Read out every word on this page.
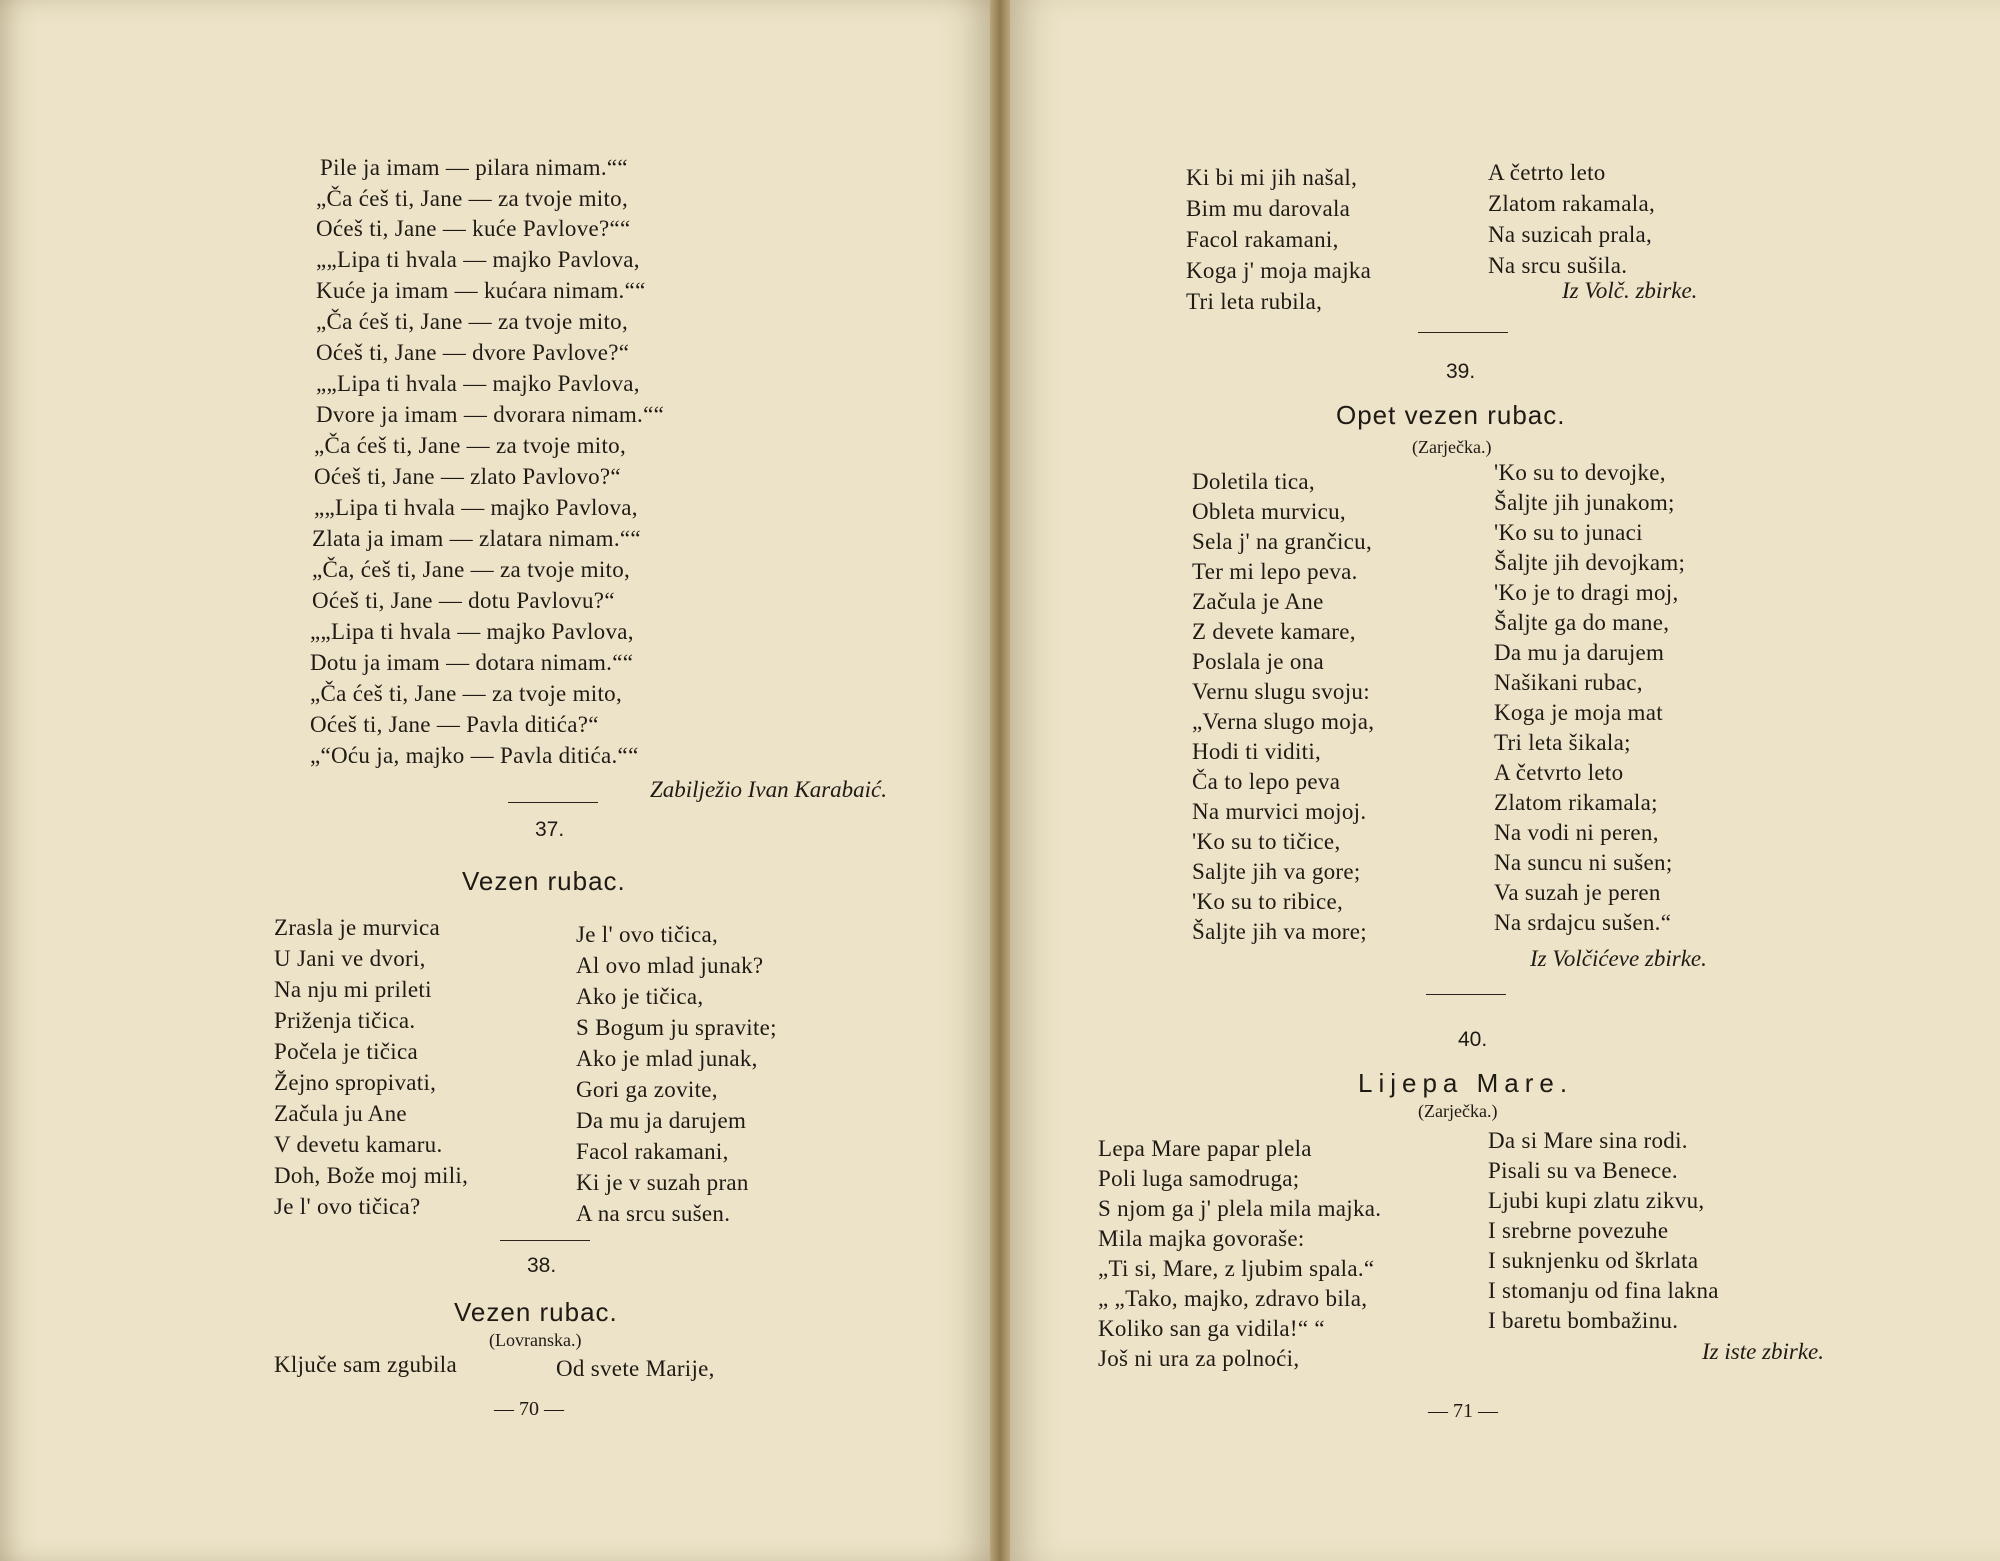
Pile ja imam — pilara nimam.““
„Ča ćeš ti, Jane — za tvoje mito,
Oćeš ti, Jane — kuće Pavlove?““
„„Lipa ti hvala — majko Pavlova,
Kuće ja imam — kućara nimam.““
„Ča ćeš ti, Jane — za tvoje mito,
Oćeš ti, Jane — dvore Pavlove?“
„„Lipa ti hvala — majko Pavlova,
Dvore ja imam — dvorara nimam.““
„Ča ćeš ti, Jane — za tvoje mito,
Oćeš ti, Jane — zlato Pavlovo?“
„„Lipa ti hvala — majko Pavlova,
Zlata ja imam — zlatara nimam.““
„Ča, ćeš ti, Jane — za tvoje mito,
Oćeš ti, Jane — dotu Pavlovu?“
„„Lipa ti hvala — majko Pavlova,
Dotu ja imam — dotara nimam.““
„Ča ćeš ti, Jane — za tvoje mito,
Oćeš ti, Jane — Pavla ditića?“
„“Oću ja, majko — Pavla ditića.““
Zabilježio Ivan Karabaić.
37.
Vezen rubac.
Zrasla je murvica
U Jani ve dvori,
Na nju mi prileti
Priženja tičica.
Počela je tičica
Žejno spropivati,
Začula ju Ane
V devetu kamaru.
Doh, Bože moj mili,
Je l' ovo tičica?
Je l' ovo tičica,
Al ovo mlad junak?
Ako je tičica,
S Bogum ju spravite;
Ako je mlad junak,
Gori ga zovite,
Da mu ja darujem
Facol rakamani,
Ki je v suzah pran
A na srcu sušen.
38.
Vezen rubac.
(Lovranska.)
Ključe sam zgubila	Od svete Marije,
— 70 —
Ki bi mi jih našal,
Bim mu darovala
Facol rakamani,
Koga j' moja majka
Tri leta rubila,
A četrto leto
Zlatom rakamala,
Na suzicah prala,
Na srcu sušila.
Iz Volč. zbirke.
39.
Opet vezen rubac.
(Zarječka.)
Doletila tica,
Obleta murvicu,
Sela j' na grančicu,
Ter mi lepo peva.
Začula je Ane
Z devete kamare,
Poslala je ona
Vernu slugu svoju:
„Verna slugo moja,
Hodi ti viditi,
Ča to lepo peva
Na murvici mojoj.
'Ko su to tičice,
Saljte jih va gore;
'Ko su to ribice,
Šaljte jih va more;
'Ko su to devojke,
Šaljte jih junakom;
'Ko su to junaci
Šaljte jih devojkam;
'Ko je to dragi moj,
Šaljte ga do mane,
Da mu ja darujem
Našikani rubac,
Koga je moja mat
Tri leta šikala;
A četvrto leto
Zlatom rikamala;
Na vodi ni peren,
Na suncu ni sušen;
Va suzah je peren
Na srdajcu sušen.“
Iz Volčićeve zbirke.
40.
Lijepa Mare.
(Zarječka.)
Lepa Mare papar plela
Poli luga samodruga;
S njom ga j' plela mila majka.
Mila majka govoraše:
„Ti si, Mare, z ljubim spala.“
„ „Tako, majko, zdravo bila,
Koliko san ga vidila!“ “
Još ni ura za polnoći,
Da si Mare sina rodi.
Pisali su va Benece.
Ljubi kupi zlatu zikvu,
I srebrne povezuhe
I suknjenku od škrlata
I stomanju od fina lakna
I baretu bombažinu.
Iz iste zbirke.
— 71 —
